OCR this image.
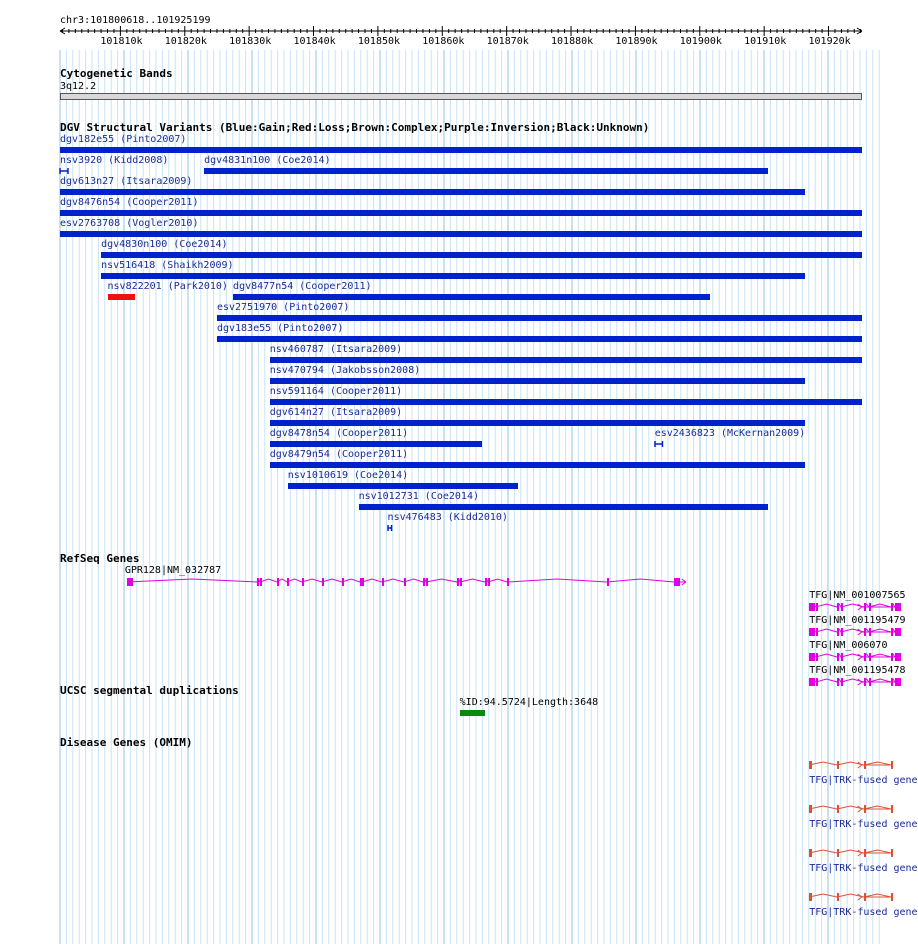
chr3:101800618..101925199
Cytogenetic Bands
3q12.2
DGV Structural Variants (Blue:Gain;Red:Loss;Brown:Complex;Purple:Inversion;Black:Unknown)
RefSeq Genes
UCSC segmental duplications
Disease Genes (OMIM)
101810k 101820k 101830k 101840k 101850k 101860k 101870k 101880k 101890k 101900k 101910k 101920k
dgv182e55 (Pinto2007)
nsv3920 (Kidd2008)	dgv4831n100 (Coe2014)
dgv613n27 (Itsara2009)
dgv8476n54 (Cooper2011)
esv2763708 (Vogler2010)
dgv4830n100 (Coe2014)
nsv516418 (Shaikh2009)
nsv822201 (Park2010) dgv8477n54 (Cooper2011)
esv2751970 (Pinto2007)
dgv183e55 (Pinto2007)
nsv460787 (Itsara2009)
nsv470794 (Jakobsson2008)
nsv591164 (Cooper2011)
dgv614n27 (Itsara2009)
dgv8478n54 (Cooper2011)	esv2436823 (McKernan2009)
dgv8479n54 (Cooper2011)
nsv1010619 (Coe2014)
nsv1012731 (Coe2014)
nsv476483 (Kidd2010)
GPR128|NM_032787
TFG|NM_001007565
TFG|NM_001195479
TFG|NM_006070
TFG|NM_001195478
%ID:94.5724|Length:3648
TFG|TRK-fused gene
TFG|TRK-fused gene
TFG|TRK-fused gene
TFG|TRK-fused gene
